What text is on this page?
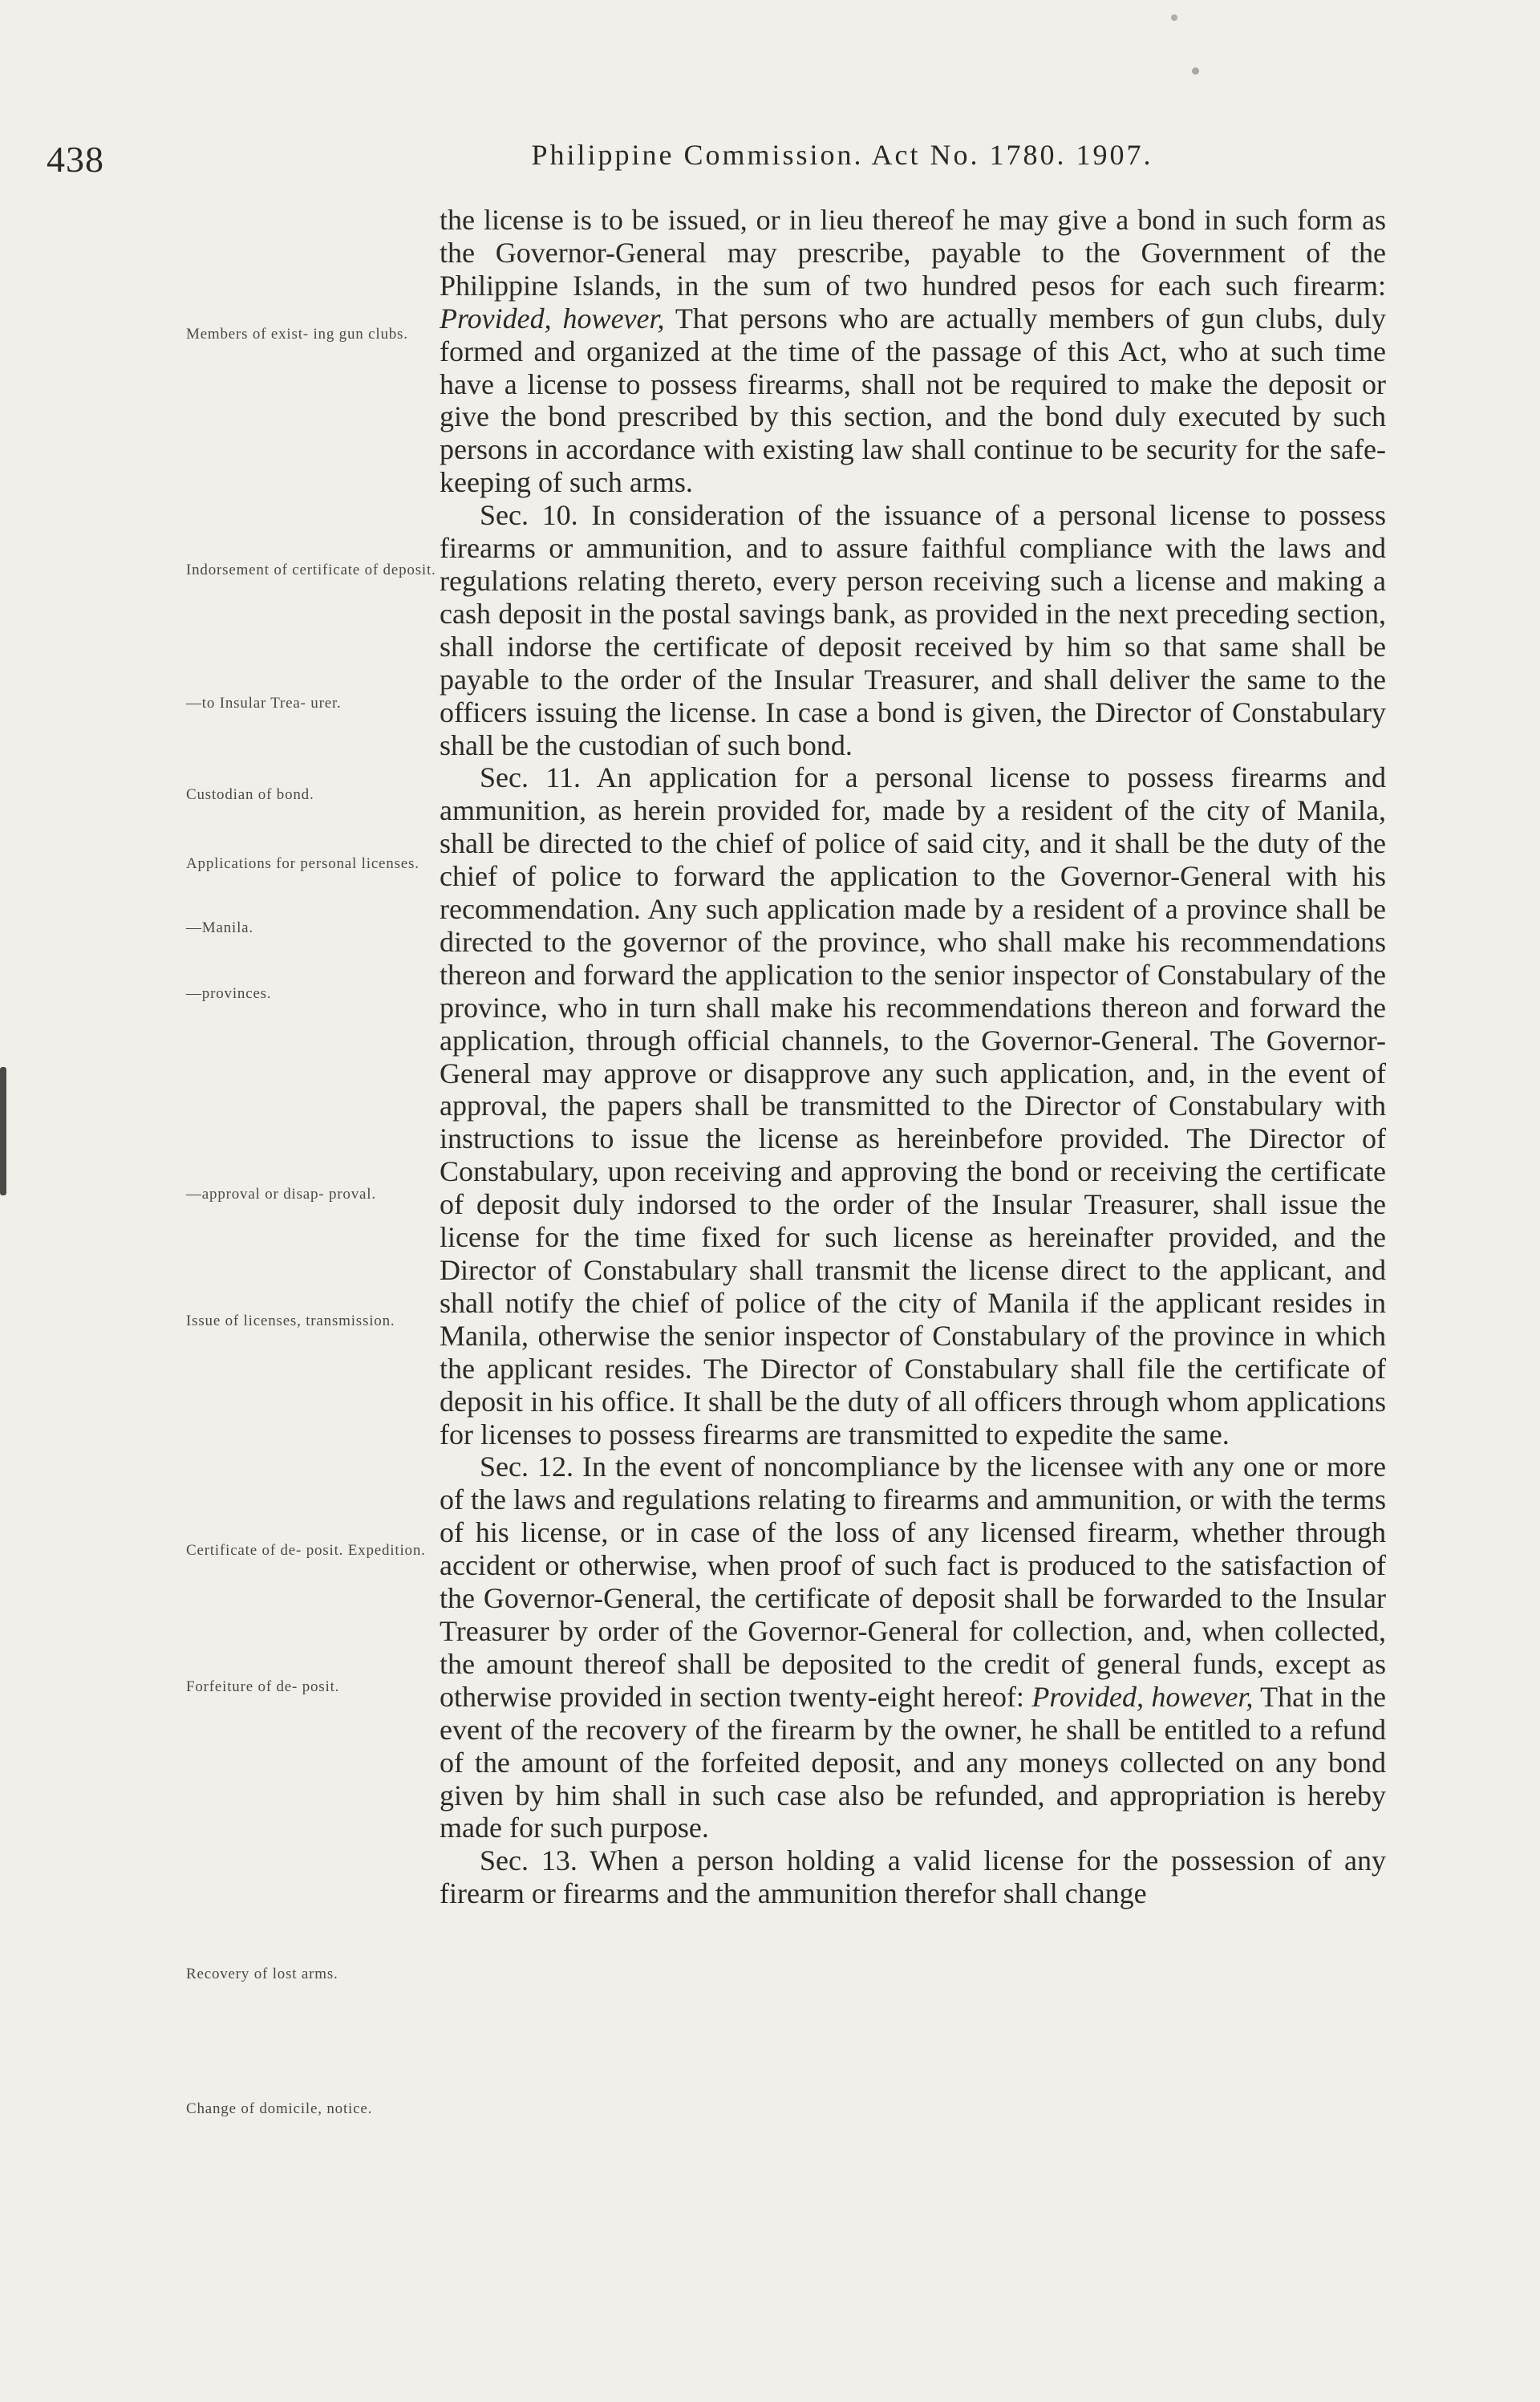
438	Philippine Commission. Act No. 1780. 1907.
Members of exist- ing gun clubs.
Indorsement of certificate of deposit.
—to Insular Trea- urer.
Custodian of bond.
Applications for personal licenses.
—Manila.
—provinces.
—approval or disap- proval.
Issue of licenses, transmission.
Certificate of de- posit. Expedition.
Forfeiture of de- posit.
Recovery of lost arms.
Change of domicile, notice.

the license is to be issued, or in lieu thereof he may give a bond in such form as the Governor-General may prescribe, payable to the Government of the Philippine Islands, in the sum of two hundred pesos for each such firearm: Provided, however, That persons who are actually members of gun clubs, duly formed and organized at the time of the passage of this Act, who at such time have a license to possess firearms, shall not be required to make the deposit or give the bond prescribed by this section, and the bond duly executed by such persons in accordance with existing law shall continue to be security for the safe-keeping of such arms.

Sec. 10. In consideration of the issuance of a personal license to possess firearms or ammunition, and to assure faithful compliance with the laws and regulations relating thereto, every person receiving such a license and making a cash deposit in the postal savings bank, as provided in the next preceding section, shall indorse the certificate of deposit received by him so that same shall be payable to the order of the Insular Treasurer, and shall deliver the same to the officers issuing the license. In case a bond is given, the Director of Constabulary shall be the custodian of such bond.

Sec. 11. An application for a personal license to possess firearms and ammunition, as herein provided for, made by a resident of the city of Manila, shall be directed to the chief of police of said city, and it shall be the duty of the chief of police to forward the application to the Governor-General with his recommendation. Any such application made by a resident of a province shall be directed to the governor of the province, who shall make his recommendations thereon and forward the application to the senior inspector of Constabulary of the province, who in turn shall make his recommendations thereon and forward the application, through official channels, to the Governor-General. The Governor-General may approve or disapprove any such application, and, in the event of approval, the papers shall be transmitted to the Director of Constabulary with instructions to issue the license as hereinbefore provided. The Director of Constabulary, upon receiving and approving the bond or receiving the certificate of deposit duly indorsed to the order of the Insular Treasurer, shall issue the license for the time fixed for such license as hereinafter provided, and the Director of Constabulary shall transmit the license direct to the applicant, and shall notify the chief of police of the city of Manila if the applicant resides in Manila, otherwise the senior inspector of Constabulary of the province in which the applicant resides. The Director of Constabulary shall file the certificate of deposit in his office. It shall be the duty of all officers through whom applications for licenses to possess firearms are transmitted to expedite the same.

Sec. 12. In the event of noncompliance by the licensee with any one or more of the laws and regulations relating to firearms and ammunition, or with the terms of his license, or in case of the loss of any licensed firearm, whether through accident or otherwise, when proof of such fact is produced to the satisfaction of the Governor-General, the certificate of deposit shall be forwarded to the Insular Treasurer by order of the Governor-General for collection, and, when collected, the amount thereof shall be deposited to the credit of general funds, except as otherwise provided in section twenty-eight hereof: Provided, however, That in the event of the recovery of the firearm by the owner, he shall be entitled to a refund of the amount of the forfeited deposit, and any moneys collected on any bond given by him shall in such case also be refunded, and appropriation is hereby made for such purpose.

Sec. 13. When a person holding a valid license for the possession of any firearm or firearms and the ammunition therefor shall change
